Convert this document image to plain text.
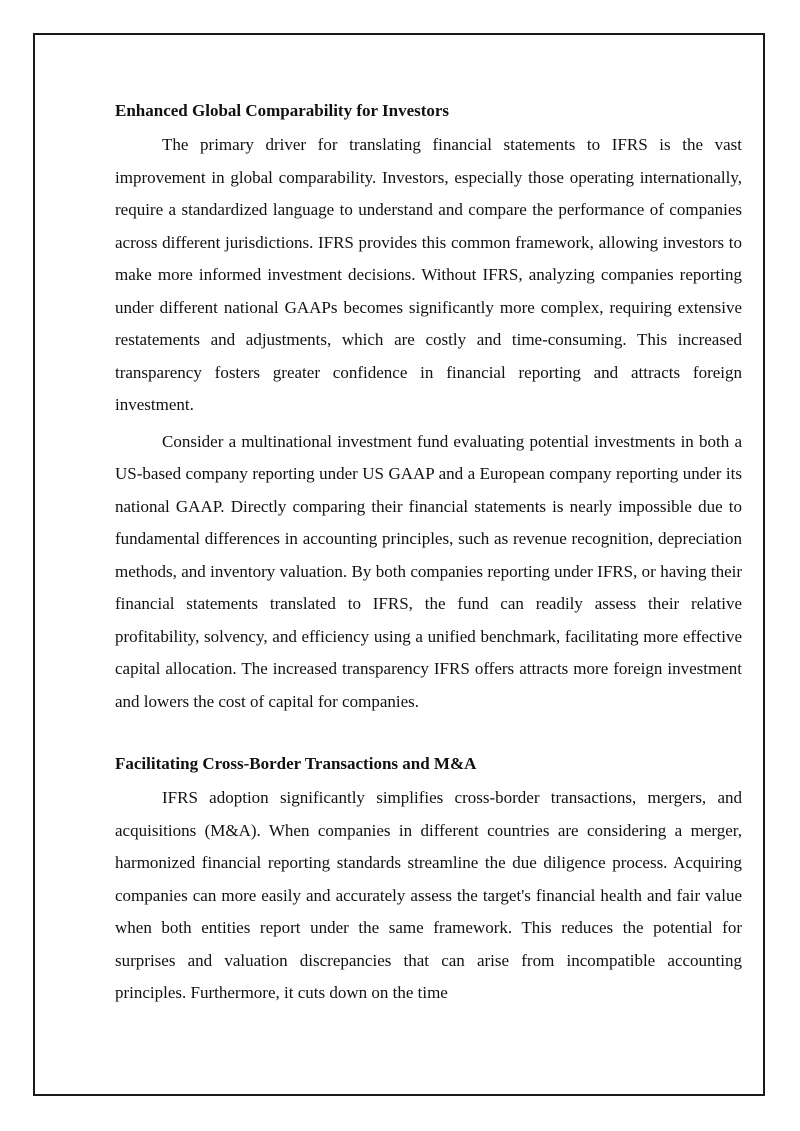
Enhanced Global Comparability for Investors

The primary driver for translating financial statements to IFRS is the vast improvement in global comparability. Investors, especially those operating internationally, require a standardized language to understand and compare the performance of companies across different jurisdictions. IFRS provides this common framework, allowing investors to make more informed investment decisions. Without IFRS, analyzing companies reporting under different national GAAPs becomes significantly more complex, requiring extensive restatements and adjustments, which are costly and time-consuming. This increased transparency fosters greater confidence in financial reporting and attracts foreign investment.

Consider a multinational investment fund evaluating potential investments in both a US-based company reporting under US GAAP and a European company reporting under its national GAAP. Directly comparing their financial statements is nearly impossible due to fundamental differences in accounting principles, such as revenue recognition, depreciation methods, and inventory valuation. By both companies reporting under IFRS, or having their financial statements translated to IFRS, the fund can readily assess their relative profitability, solvency, and efficiency using a unified benchmark, facilitating more effective capital allocation. The increased transparency IFRS offers attracts more foreign investment and lowers the cost of capital for companies.

Facilitating Cross-Border Transactions and M&A

IFRS adoption significantly simplifies cross-border transactions, mergers, and acquisitions (M&A). When companies in different countries are considering a merger, harmonized financial reporting standards streamline the due diligence process. Acquiring companies can more easily and accurately assess the target's financial health and fair value when both entities report under the same framework. This reduces the potential for surprises and valuation discrepancies that can arise from incompatible accounting principles. Furthermore, it cuts down on the time
